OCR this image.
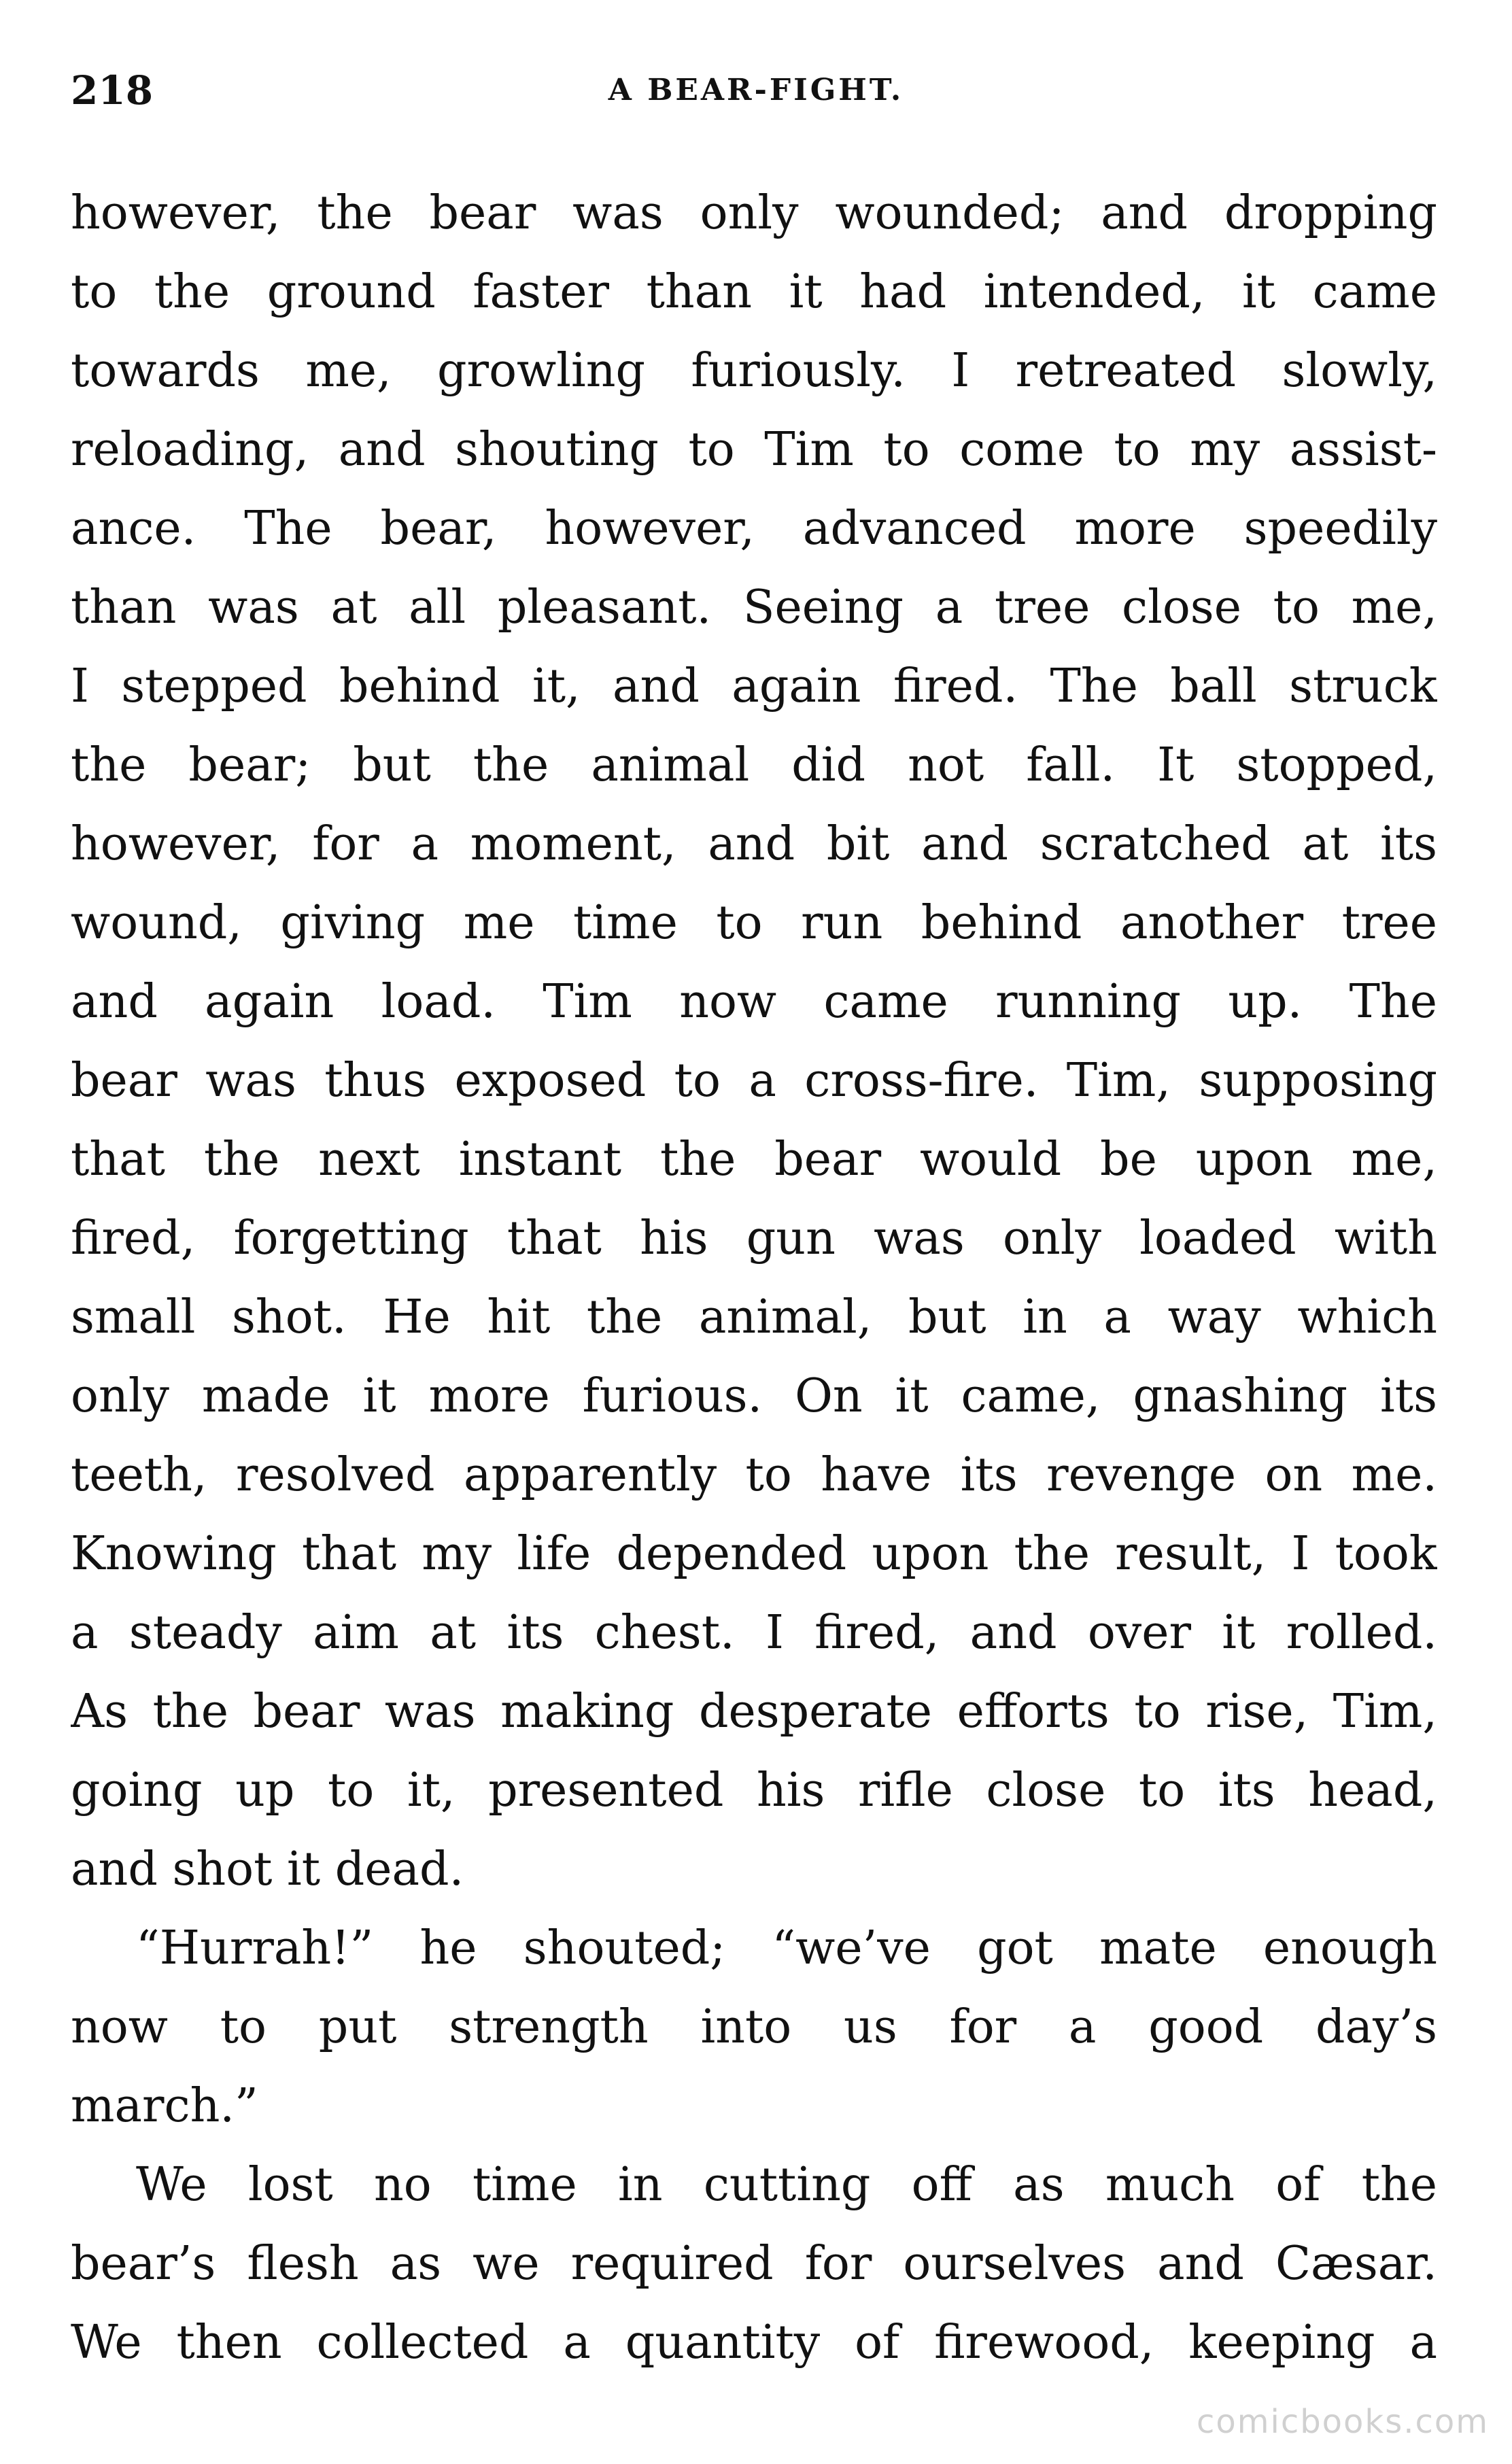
218	A BEAR-FIGHT.
however, the bear was only wounded; and dropping
to the ground faster than it had intended, it came
towards me, growling furiously. I retreated slowly,
reloading, and shouting to Tim to come to my assist-
ance. The bear, however, advanced more speedily
than was at all pleasant. Seeing a tree close to me,
I stepped behind it, and again fired. The ball struck
the bear; but the animal did not fall. It stopped,
however, for a moment, and bit and scratched at its
wound, giving me time to run behind another tree
and again load. Tim now came running up. The
bear was thus exposed to a cross-fire. Tim, supposing
that the next instant the bear would be upon me,
fired, forgetting that his gun was only loaded with
small shot. He hit the animal, but in a way which
only made it more furious. On it came, gnashing its
teeth, resolved apparently to have its revenge on me.
Knowing that my life depended upon the result, I took
a steady aim at its chest. I fired, and over it rolled.
As the bear was making desperate efforts to rise, Tim,
going up to it, presented his rifle close to its head,
and shot it dead.
“Hurrah!” he shouted; “we’ve got mate enough
now to put strength into us for a good day’s
march.”
We lost no time in cutting off as much of the
bear’s flesh as we required for ourselves and Cæsar.
We then collected a quantity of firewood, keeping a
comicbooks.com
